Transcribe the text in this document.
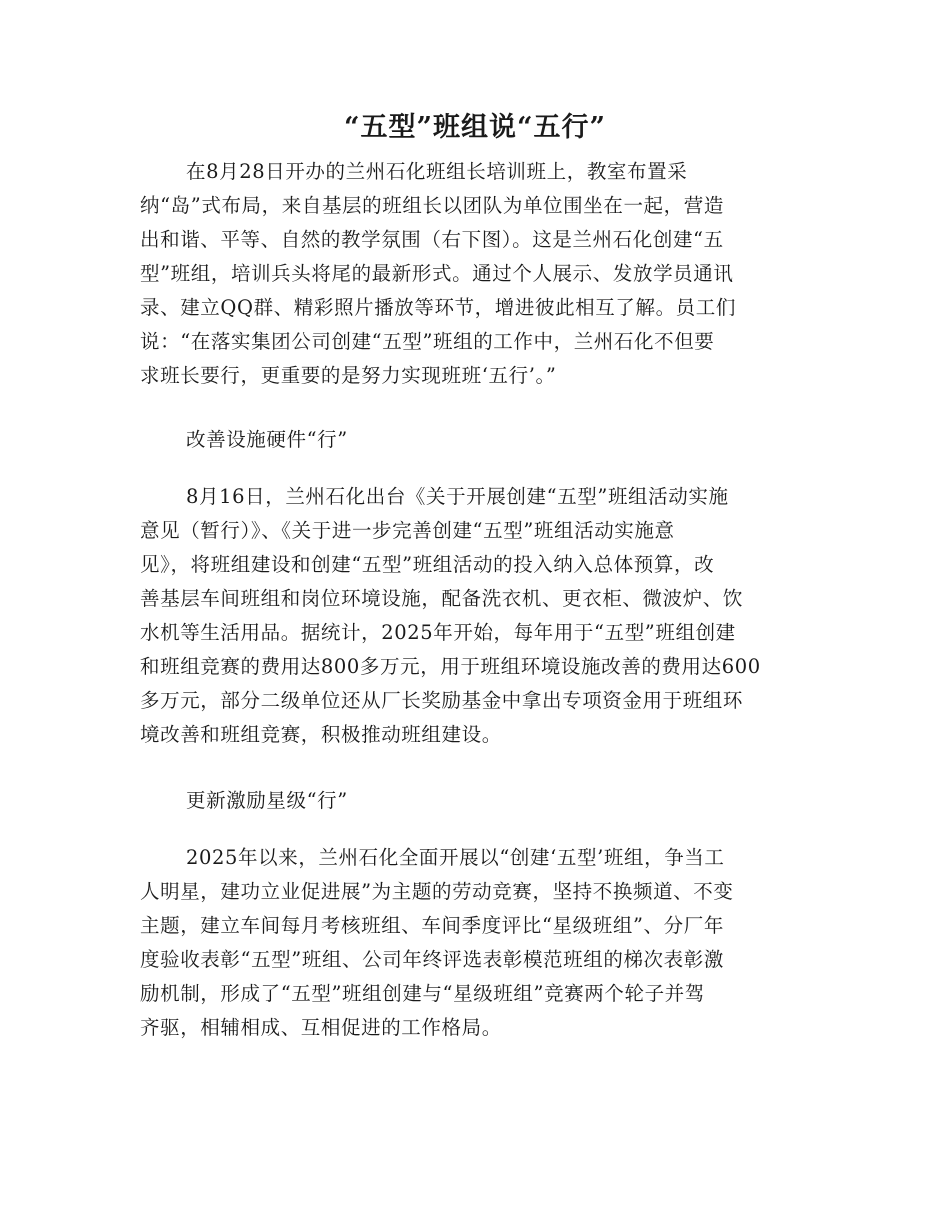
“五型”班组说“五行”
在8月28日开办的兰州石化班组长培训班上，教室布置采
纳“岛”式布局，来自基层的班组长以团队为单位围坐在一起，营造
出和谐、平等、自然的教学氛围（右下图）。这是兰州石化创建“五
型”班组，培训兵头将尾的最新形式。通过个人展示、发放学员通讯
录、建立QQ群、精彩照片播放等环节，增进彼此相互了解。员工们
说：“在落实集团公司创建“五型”班组的工作中，兰州石化不但要
求班长要行，更重要的是努力实现班班‘五行’。”
改善设施硬件“行”
8月16日，兰州石化出台《关于开展创建“五型”班组活动实施
意见（暂行）》、《关于进一步完善创建“五型”班组活动实施意
见》，将班组建设和创建“五型”班组活动的投入纳入总体预算，改
善基层车间班组和岗位环境设施，配备洗衣机、更衣柜、微波炉、饮
水机等生活用品。据统计，2025年开始，每年用于“五型”班组创建
和班组竞赛的费用达800多万元，用于班组环境设施改善的费用达600
多万元，部分二级单位还从厂长奖励基金中拿出专项资金用于班组环
境改善和班组竞赛，积极推动班组建设。
更新激励星级“行”
2025年以来，兰州石化全面开展以“创建‘五型’班组，争当工
人明星，建功立业促进展”为主题的劳动竞赛，坚持不换频道、不变
主题，建立车间每月考核班组、车间季度评比“星级班组”、分厂年
度验收表彰“五型”班组、公司年终评选表彰模范班组的梯次表彰激
励机制，形成了“五型”班组创建与“星级班组”竞赛两个轮子并驾
齐驱，相辅相成、互相促进的工作格局。
